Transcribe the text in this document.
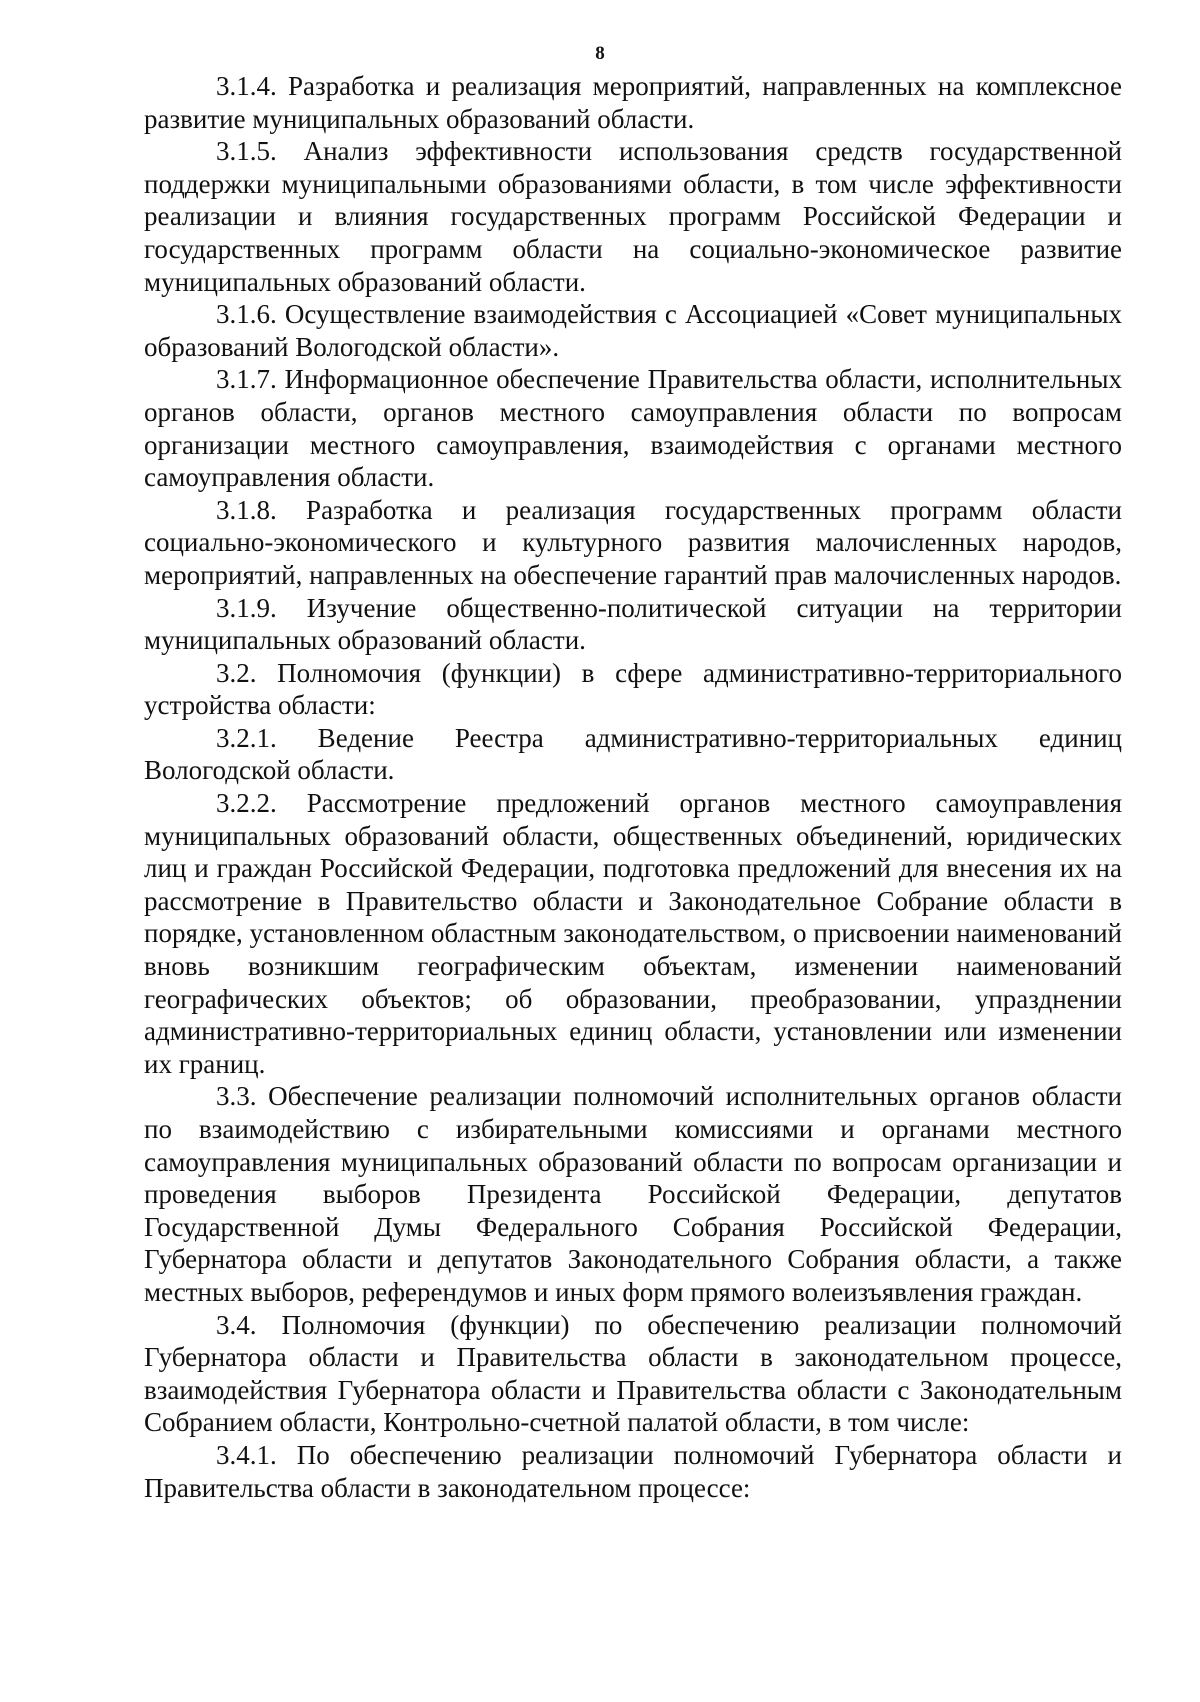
8

3.1.4. Разработка и реализация мероприятий, направленных на комплексное развитие муниципальных образований области.

3.1.5. Анализ эффективности использования средств государственной поддержки муниципальными образованиями области, в том числе эффективности реализации и влияния государственных программ Российской Федерации и государственных программ области на социально-экономическое развитие муниципальных образований области.

3.1.6. Осуществление взаимодействия с Ассоциацией «Совет муниципальных образований Вологодской области».

3.1.7. Информационное обеспечение Правительства области, исполнительных органов области, органов местного самоуправления области по вопросам организации местного самоуправления, взаимодействия с органами местного самоуправления области.

3.1.8. Разработка и реализация государственных программ области социально-экономического и культурного развития малочисленных народов, мероприятий, направленных на обеспечение гарантий прав малочисленных народов.

3.1.9. Изучение общественно-политической ситуации на территории муниципальных образований области.

3.2. Полномочия (функции) в сфере административно-территориального устройства области:

3.2.1. Ведение Реестра административно-территориальных единиц Вологодской области.

3.2.2. Рассмотрение предложений органов местного самоуправления муниципальных образований области, общественных объединений, юридических лиц и граждан Российской Федерации, подготовка предложений для внесения их на рассмотрение в Правительство области и Законодательное Собрание области в порядке, установленном областным законодательством, о присвоении наименований вновь возникшим географическим объектам, изменении наименований географических объектов; об образовании, преобразовании, упразднении административно-территориальных единиц области, установлении или изменении их границ.

3.3. Обеспечение реализации полномочий исполнительных органов области по взаимодействию с избирательными комиссиями и органами местного самоуправления муниципальных образований области по вопросам организации и проведения выборов Президента Российской Федерации, депутатов Государственной Думы Федерального Собрания Российской Федерации, Губернатора области и депутатов Законодательного Собрания области, а также местных выборов, референдумов и иных форм прямого волеизъявления граждан.

3.4. Полномочия (функции) по обеспечению реализации полномочий Губернатора области и Правительства области в законодательном процессе, взаимодействия Губернатора области и Правительства области с Законодательным Собранием области, Контрольно-счетной палатой области, в том числе:

3.4.1. По обеспечению реализации полномочий Губернатора области и Правительства области в законодательном процессе:
